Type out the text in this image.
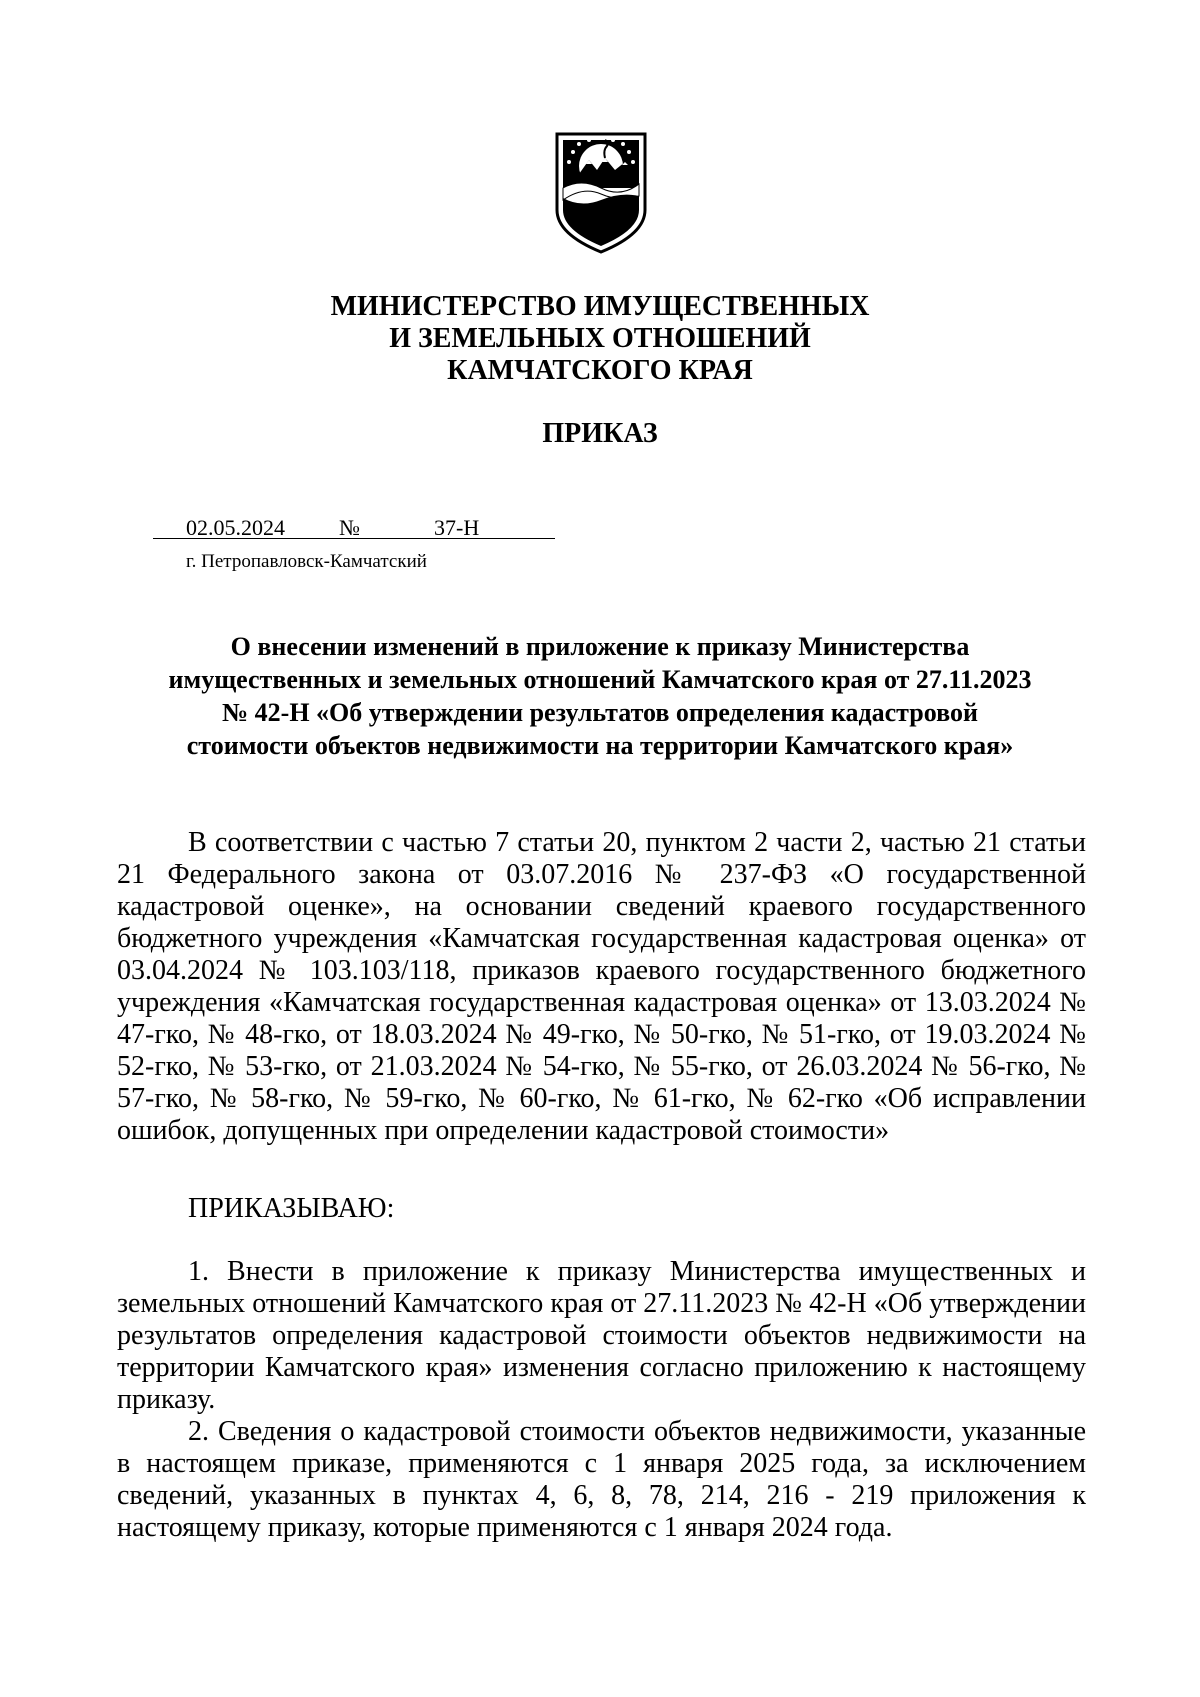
МИНИСТЕРСТВО ИМУЩЕСТВЕННЫХ
И ЗЕМЕЛЬНЫХ ОТНОШЕНИЙ
КАМЧАТСКОГО КРАЯ
ПРИКАЗ
02.05.2024 №	37-Н
г. Петропавловск-Камчатский
О внесении изменений в приложение к приказу Министерства
имущественных и земельных отношений Камчатского края от 27.11.2023
№ 42-Н «Об утверждении результатов определения кадастровой
стоимости объектов недвижимости на территории Камчатского края»

В соответствии с частью 7 статьи 20, пунктом 2 части 2, частью 21 статьи 21 Федерального закона от 03.07.2016 № 237-ФЗ «О государственной кадастровой оценке», на основании сведений краевого государственного бюджетного учреждения «Камчатская государственная кадастровая оценка» от 03.04.2024 № 103.103/118, приказов краевого государственного бюджетного учреждения «Камчатская государственная кадастровая оценка» от 13.03.2024 № 47-гко, № 48-гко, от 18.03.2024 № 49-гко, № 50-гко, № 51-гко, от 19.03.2024 № 52-гко, № 53-гко, от 21.03.2024 № 54-гко, № 55-гко, от 26.03.2024 № 56-гко, № 57-гко, № 58-гко, № 59-гко, № 60-гко, № 61-гко, № 62-гко «Об исправлении ошибок, допущенных при определении кадастровой стоимости»

ПРИКАЗЫВАЮ:

1. Внести в приложение к приказу Министерства имущественных и земельных отношений Камчатского края от 27.11.2023 № 42-Н «Об утверждении результатов определения кадастровой стоимости объектов недвижимости на территории Камчатского края» изменения согласно приложению к настоящему приказу.

2. Сведения о кадастровой стоимости объектов недвижимости, указанные в настоящем приказе, применяются с 1 января 2025 года, за исключением сведений, указанных в пунктах 4, 6, 8, 78, 214, 216 - 219 приложения к настоящему приказу, которые применяются с 1 января 2024 года.
